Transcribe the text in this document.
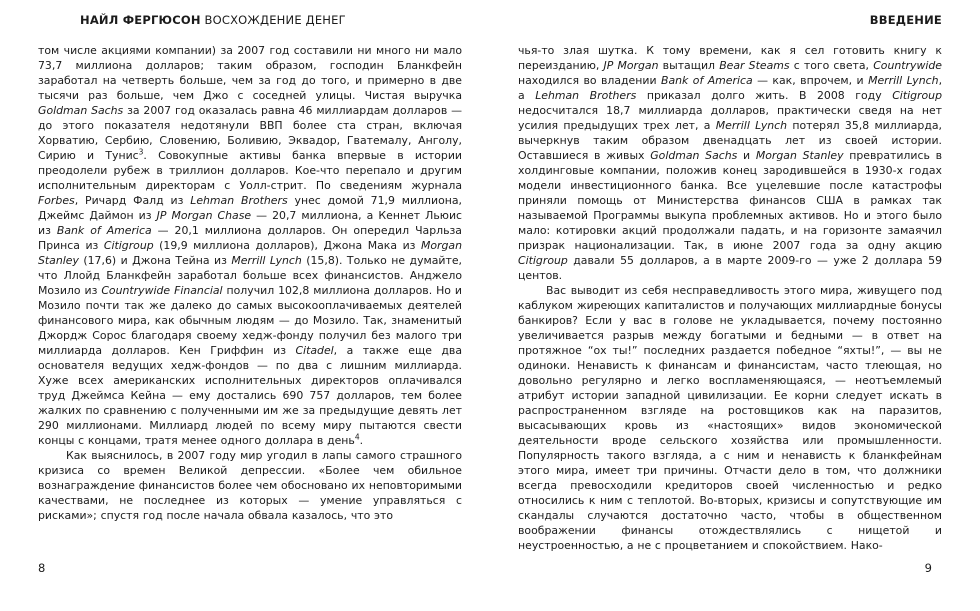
НАЙЛ ФЕРГЮСОН ВОСХОЖДЕНИЕ ДЕНЕГ

том числе акциями компании) за 2007 год составили ни много ни мало 73,7 миллиона долларов; таким образом, господин Бланкфейн заработал на четверть больше, чем за год до того, и примерно в две тысячи раз больше, чем Джо с соседней улицы. Чистая выручка Goldman Sachs за 2007 год оказалась равна 46 миллиардам долларов — до этого показателя недотянули ВВП более ста стран, включая Хорватию, Сербию, Словению, Боливию, Эквадор, Гватемалу, Анголу, Сирию и Тунис$^3$. Совокупные активы банка впервые в истории преодолели рубеж в триллион долларов. Кое-что перепало и другим исполнительным директорам с Уолл-стрит. По сведениям журнала Forbes, Ричард Фалд из Lehman Brothers унес домой 71,9 миллиона, Джеймс Даймон из JP Morgan Chase — 20,7 миллиона, а Кеннет Льюис из Bank of America — 20,1 миллиона долларов. Он опередил Чарльза Принса из Citigroup (19,9 миллиона долларов), Джона Мака из Morgan Stanley (17,6) и Джона Тейна из Merrill Lynch (15,8). Только не думайте, что Ллойд Бланкфейн заработал больше всех финансистов. Анджело Мозило из Countrywide Financial получил 102,8 миллиона долларов. Но и Мозило почти так же далеко до самых высокооплачиваемых деятелей финансового мира, как обычным людям — до Мозило. Так, знаменитый Джордж Сорос благодаря своему хедж-фонду получил без малого три миллиарда долларов. Кен Гриффин из Citadel, а также еще два основателя ведущих хедж-фондов — по два с лишним миллиарда. Хуже всех американских исполнительных директоров оплачивался труд Джеймса Кейна — ему достались 690 757 долларов, тем более жалких по сравнению с полученными им же за предыдущие девять лет 290 миллионами. Миллиард людей по всему миру пытаются свести концы с концами, тратя менее одного доллара в день$^4$.

Как выяснилось, в 2007 году мир угодил в лапы самого страшного кризиса со времен Великой депрессии. «Более чем обильное вознаграждение финансистов более чем обосновано их неповторимыми качествами, не последнее из которых — умение управляться с рисками»; спустя год после начала обвала казалось, что это

8
ВВЕДЕНИЕ

чья-то злая шутка. К тому времени, как я сел готовить книгу к переизданию, JP Morgan вытащил Bear Steams с того света, Countrywide находился во владении Bank of America — как, впрочем, и Merrill Lynch, а Lehman Brothers приказал долго жить. В 2008 году Citigroup недосчитался 18,7 миллиарда долларов, практически сведя на нет усилия предыдущих трех лет, а Merrill Lynch потерял 35,8 миллиарда, вычеркнув таким образом двенадцать лет из своей истории. Оставшиеся в живых Goldman Sachs и Morgan Stanley превратились в холдинговые компании, положив конец зародившейся в 1930-х годах модели инвестиционного банка. Все уцелевшие после катастрофы приняли помощь от Министерства финансов США в рамках так называемой Программы выкупа проблемных активов. Но и этого было мало: котировки акций продолжали падать, и на горизонте замаячил призрак национализации. Так, в июне 2007 года за одну акцию Citigroup давали 55 долларов, а в марте 2009-го — уже 2 доллара 59 центов.

Вас выводит из себя несправедливость этого мира, живущего под каблуком жиреющих капиталистов и получающих миллиардные бонусы банкиров? Если у вас в голове не укладывается, почему постоянно увеличивается разрыв между богатыми и бедными — в ответ на протяжное “ох ты!” последних раздается победное “яхты!”, — вы не одиноки. Ненависть к финансам и финансистам, часто тлеющая, но довольно регулярно и легко воспламеняющаяся, — неотъемлемый атрибут истории западной цивилизации. Ее корни следует искать в распространенном взгляде на ростовщиков как на паразитов, высасывающих кровь из «настоящих» видов экономической деятельности вроде сельского хозяйства или промышленности. Популярность такого взгляда, а с ним и ненависть к бланкфейнам этого мира, имеет три причины. Отчасти дело в том, что должники всегда превосходили кредиторов своей численностью и редко относились к ним с теплотой. Во-вторых, кризисы и сопутствующие им скандалы случаются достаточно часто, чтобы в общественном воображении финансы отождествлялись с нищетой и неустроенностью, а не с процветанием и спокойствием. Нако-

9
